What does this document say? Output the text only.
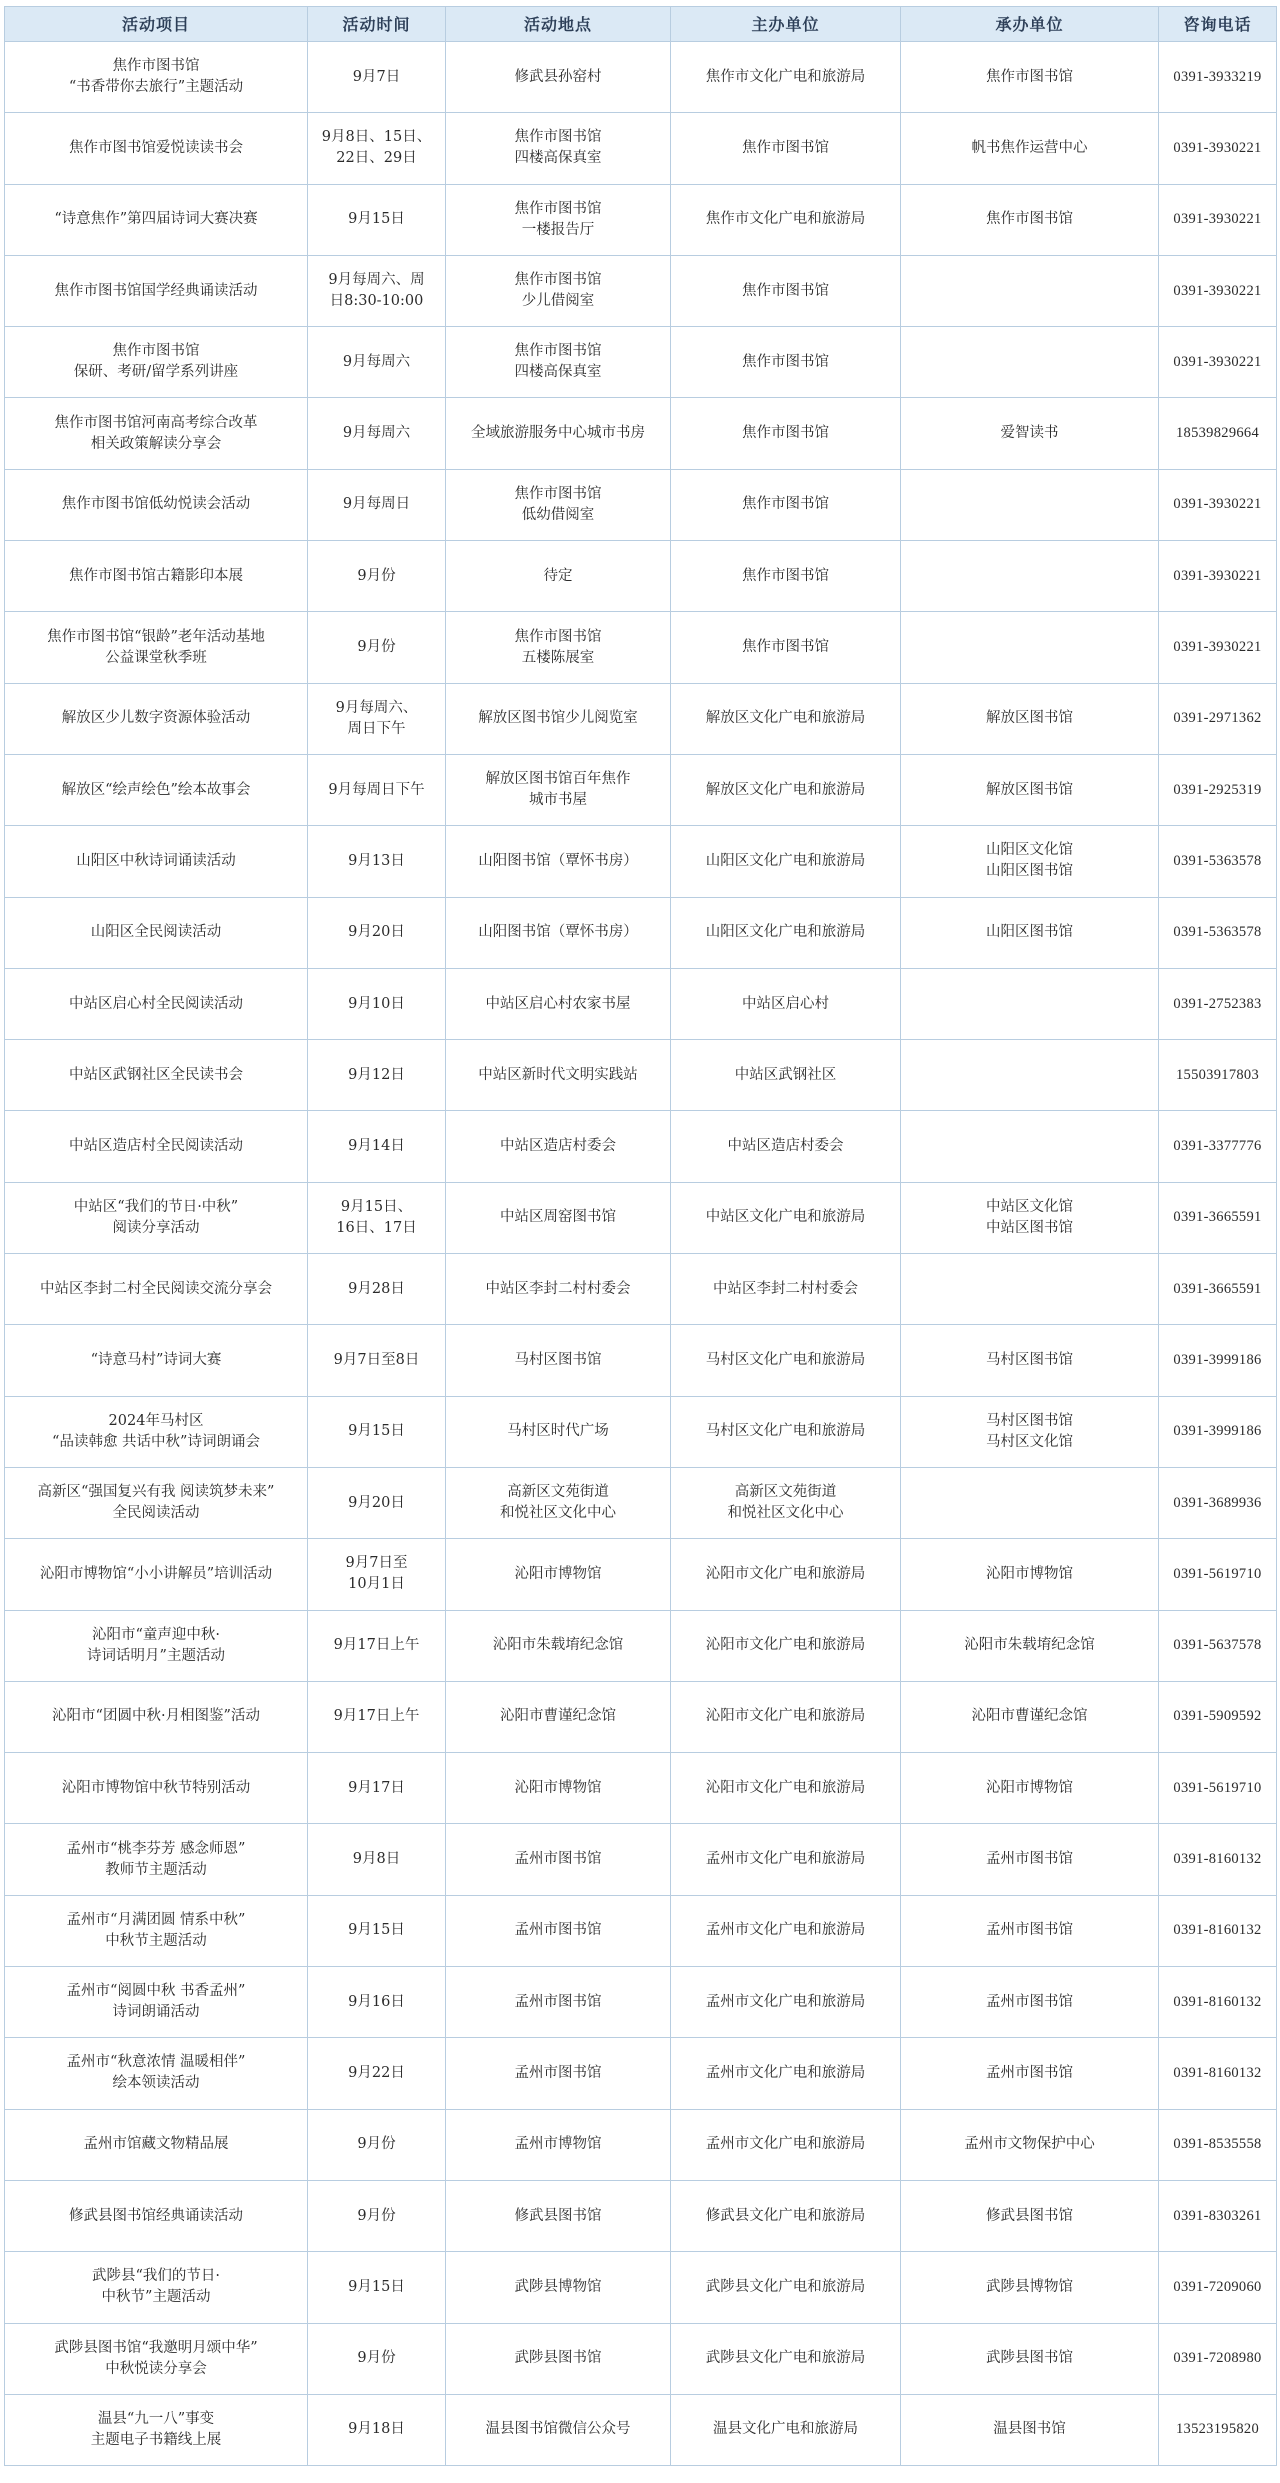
活动项目	活动时间	活动地点	主办单位	承办单位	咨询电话

焦作市图书馆
“书香带你去旅行”主题活动	9月7日	修武县孙窑村	焦作市文化广电和旅游局	焦作市图书馆	0391-3933219

焦作市图书馆爱悦读读书会	9月8日、15日、
22日、29日	焦作市图书馆
四楼高保真室	焦作市图书馆	帆书焦作运营中心	0391-3930221

“诗意焦作”第四届诗词大赛决赛	9月15日	焦作市图书馆
一楼报告厅	焦作市文化广电和旅游局	焦作市图书馆	0391-3930221

焦作市图书馆国学经典诵读活动	9月每周六、周
日8:30-10:00	焦作市图书馆
少儿借阅室	焦作市图书馆		0391-3930221

焦作市图书馆
保研、考研/留学系列讲座	9月每周六	焦作市图书馆
四楼高保真室	焦作市图书馆		0391-3930221

焦作市图书馆河南高考综合改革
相关政策解读分享会	9月每周六	全域旅游服务中心城市书房	焦作市图书馆	爱智读书	18539829664

焦作市图书馆低幼悦读会活动	9月每周日	焦作市图书馆
低幼借阅室	焦作市图书馆		0391-3930221

焦作市图书馆古籍影印本展	9月份	待定	焦作市图书馆		0391-3930221

焦作市图书馆“银龄”老年活动基地
公益课堂秋季班	9月份	焦作市图书馆
五楼陈展室	焦作市图书馆		0391-3930221

解放区少儿数字资源体验活动	9月每周六、
周日下午	解放区图书馆少儿阅览室	解放区文化广电和旅游局	解放区图书馆	0391-2971362

解放区“绘声绘色”绘本故事会	9月每周日下午	解放区图书馆百年焦作
城市书屋	解放区文化广电和旅游局	解放区图书馆	0391-2925319

山阳区中秋诗词诵读活动	9月13日	山阳图书馆（覃怀书房）	山阳区文化广电和旅游局	山阳区文化馆
山阳区图书馆	0391-5363578

山阳区全民阅读活动	9月20日	山阳图书馆（覃怀书房）	山阳区文化广电和旅游局	山阳区图书馆	0391-5363578

中站区启心村全民阅读活动	9月10日	中站区启心村农家书屋	中站区启心村		0391-2752383

中站区武钢社区全民读书会	9月12日	中站区新时代文明实践站	中站区武钢社区		15503917803

中站区造店村全民阅读活动	9月14日	中站区造店村委会	中站区造店村委会		0391-3377776

中站区“我们的节日·中秋”
阅读分享活动	9月15日、
16日、17日	中站区周窑图书馆	中站区文化广电和旅游局	中站区文化馆
中站区图书馆	0391-3665591

中站区李封二村全民阅读交流分享会	9月28日	中站区李封二村村委会	中站区李封二村村委会		0391-3665591

“诗意马村”诗词大赛	9月7日至8日	马村区图书馆	马村区文化广电和旅游局	马村区图书馆	0391-3999186

2024年马村区
“品读韩愈 共话中秋”诗词朗诵会	9月15日	马村区时代广场	马村区文化广电和旅游局	马村区图书馆
马村区文化馆	0391-3999186

高新区“强国复兴有我 阅读筑梦未来”
全民阅读活动	9月20日	高新区文苑街道
和悦社区文化中心	高新区文苑街道
和悦社区文化中心		0391-3689936

沁阳市博物馆“小小讲解员”培训活动	9月7日至
10月1日	沁阳市博物馆	沁阳市文化广电和旅游局	沁阳市博物馆	0391-5619710

沁阳市“童声迎中秋·
诗词话明月”主题活动	9月17日上午	沁阳市朱载堉纪念馆	沁阳市文化广电和旅游局	沁阳市朱载堉纪念馆	0391-5637578

沁阳市“团圆中秋·月相图鉴”活动	9月17日上午	沁阳市曹谨纪念馆	沁阳市文化广电和旅游局	沁阳市曹谨纪念馆	0391-5909592

沁阳市博物馆中秋节特别活动	9月17日	沁阳市博物馆	沁阳市文化广电和旅游局	沁阳市博物馆	0391-5619710

孟州市“桃李芬芳 感念师恩”
教师节主题活动	9月8日	孟州市图书馆	孟州市文化广电和旅游局	孟州市图书馆	0391-8160132

孟州市“月满团圆 情系中秋”
中秋节主题活动	9月15日	孟州市图书馆	孟州市文化广电和旅游局	孟州市图书馆	0391-8160132

孟州市“阅圆中秋 书香孟州”
诗词朗诵活动	9月16日	孟州市图书馆	孟州市文化广电和旅游局	孟州市图书馆	0391-8160132

孟州市“秋意浓情 温暖相伴”
绘本领读活动	9月22日	孟州市图书馆	孟州市文化广电和旅游局	孟州市图书馆	0391-8160132

孟州市馆藏文物精品展	9月份	孟州市博物馆	孟州市文化广电和旅游局	孟州市文物保护中心	0391-8535558

修武县图书馆经典诵读活动	9月份	修武县图书馆	修武县文化广电和旅游局	修武县图书馆	0391-8303261

武陟县“我们的节日·
中秋节”主题活动	9月15日	武陟县博物馆	武陟县文化广电和旅游局	武陟县博物馆	0391-7209060

武陟县图书馆“我邀明月颂中华”
中秋悦读分享会	9月份	武陟县图书馆	武陟县文化广电和旅游局	武陟县图书馆	0391-7208980

温县“九一八”事变
主题电子书籍线上展	9月18日	温县图书馆微信公众号	温县文化广电和旅游局	温县图书馆	13523195820
